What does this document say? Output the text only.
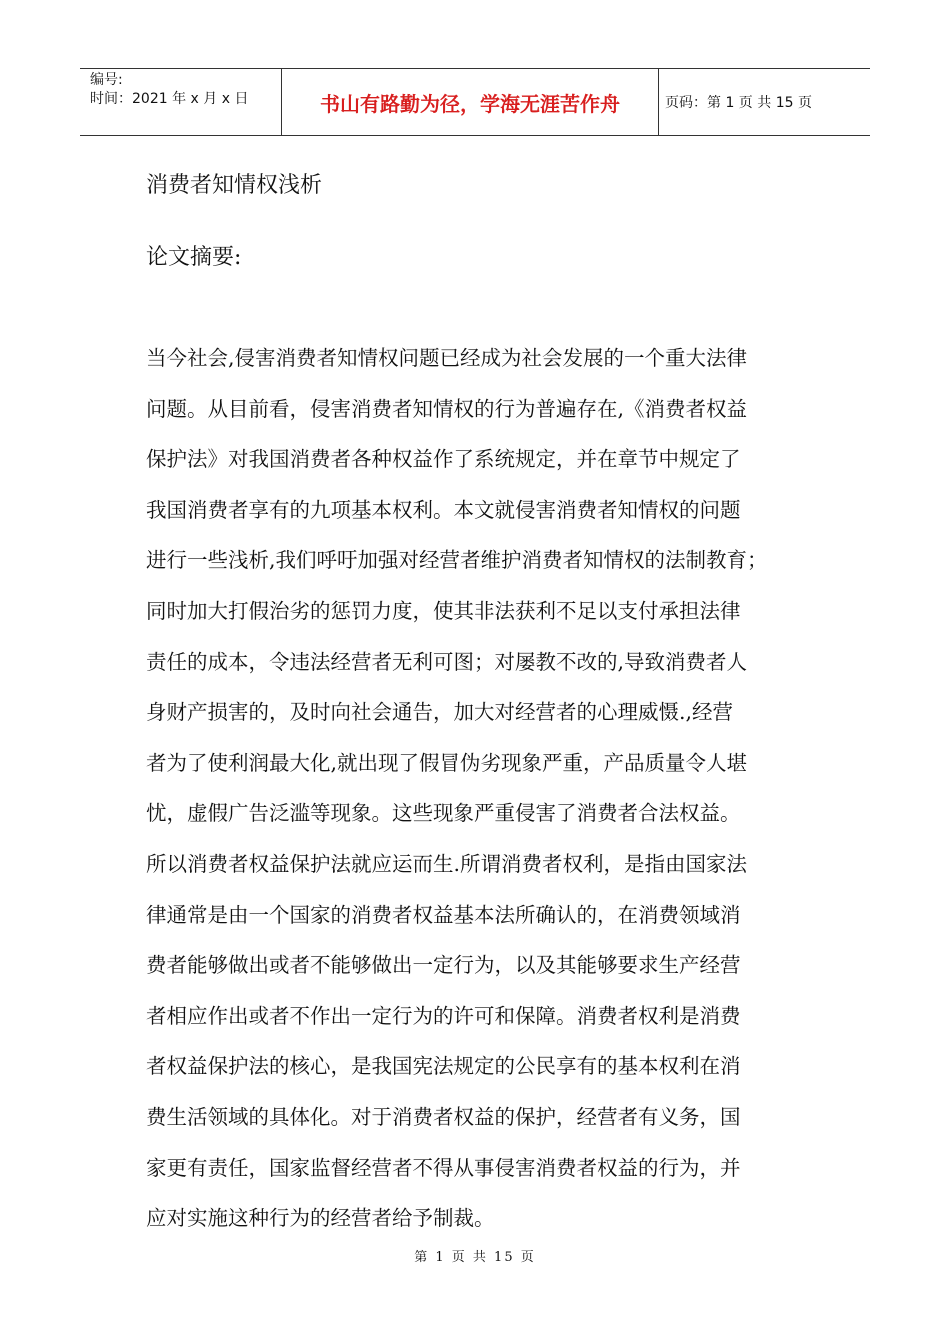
编号:
时间：2021 年 x 月 x 日	书山有路勤为径，学海无涯苦作舟	页码：第 1 页 共 15 页
消费者知情权浅析

论文摘要:

当今社会,侵害消费者知情权问题已经成为社会发展的一个重大法律
问题。从目前看，侵害消费者知情权的行为普遍存在,《消费者权益
保护法》对我国消费者各种权益作了系统规定，并在章节中规定了
我国消费者享有的九项基本权利。本文就侵害消费者知情权的问题
进行一些浅析,我们呼吁加强对经营者维护消费者知情权的法制教育；
同时加大打假治劣的惩罚力度，使其非法获利不足以支付承担法律
责任的成本，令违法经营者无利可图；对屡教不改的,导致消费者人
身财产损害的，及时向社会通告，加大对经营者的心理威慑.,经营
者为了使利润最大化,就出现了假冒伪劣现象严重，产品质量令人堪
忧，虚假广告泛滥等现象。这些现象严重侵害了消费者合法权益。
所以消费者权益保护法就应运而生.所谓消费者权利，是指由国家法
律通常是由一个国家的消费者权益基本法所确认的，在消费领域消
费者能够做出或者不能够做出一定行为，以及其能够要求生产经营
者相应作出或者不作出一定行为的许可和保障。消费者权利是消费
者权益保护法的核心，是我国宪法规定的公民享有的基本权利在消
费生活领域的具体化。对于消费者权益的保护，经营者有义务，国
家更有责任，国家监督经营者不得从事侵害消费者权益的行为，并
应对实施这种行为的经营者给予制裁。
第 1 页 共 15 页
